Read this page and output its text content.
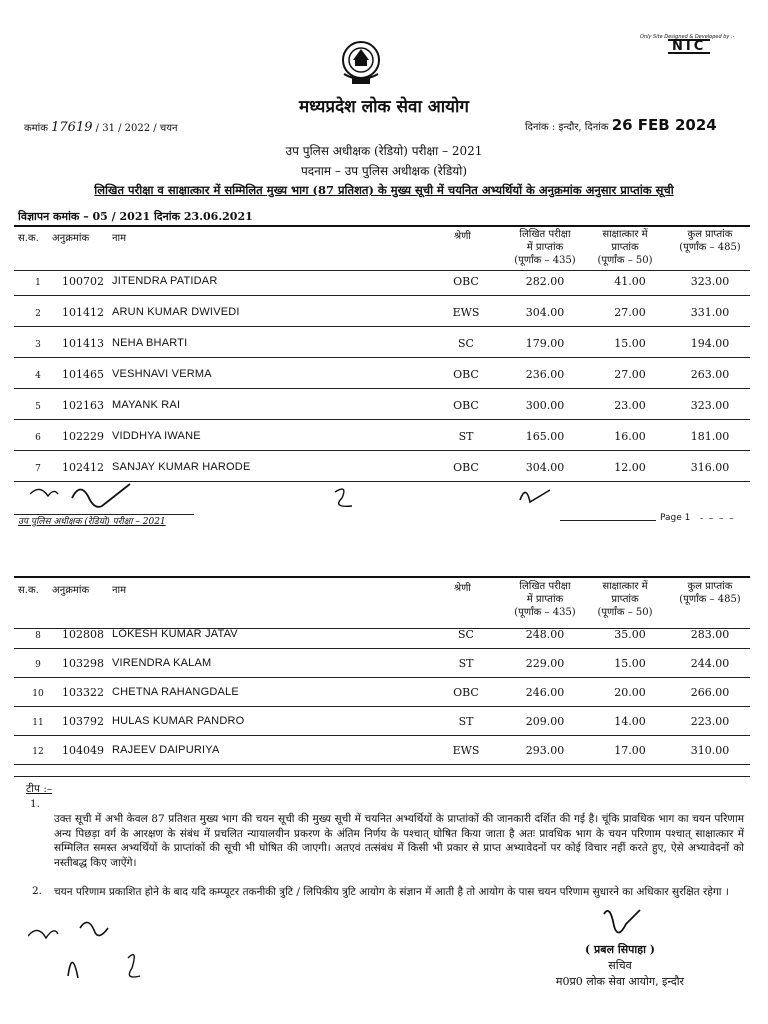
Only Site Designed & Developed by :-
NIC
मध्यप्रदेश लोक सेवा आयोग
कमांक 17619 / 31 / 2022 / चयन	दिनांक : इन्दौर, दिनांक 26 FEB 2024
उप पुलिस अधीक्षक (रेडियो) परीक्षा – 2021
पदनाम – उप पुलिस अधीक्षक (रेडियो)
लिखित परीक्षा व साक्षात्कार में सम्मिलित मुख्य भाग (87 प्रतिशत) के मुख्य सूची में चयनित अभ्यर्थियों के अनुक्रमांक अनुसार प्राप्तांक सूची
विज्ञापन कमांक – 05 / 2021 दिनांक 23.06.2021
स.क. अनुक्रमांक नाम	श्रेणी	लिखित परीक्षा
में प्राप्तांक
(पूर्णांक – 435)
साक्षात्कार में
प्राप्तांक
(पूर्णांक – 50)
कुल प्राप्तांक
(पूर्णांक – 485)
1	100702 JITENDRA PATIDAR	OBC	282.00	41.00	323.00
2	101412 ARUN KUMAR DWIVEDI	EWS	304.00	27.00	331.00
3	101413 NEHA BHARTI	SC	179.00	15.00	194.00
4	101465 VESHNAVI VERMA	OBC	236.00	27.00	263.00
5	102163 MAYANK RAI	OBC	300.00	23.00	323.00
6	102229 VIDDHYA IWANE	ST	165.00	16.00	181.00
7	102412 SANJAY KUMAR HARODE	OBC	304.00	12.00	316.00
उप पुलिस अधीक्षक (रेडियो) परीक्षा – 2021	Page 1 -  –  –  –
स.क. अनुक्रमांक नाम	श्रेणी	लिखित परीक्षा
में प्राप्तांक
(पूर्णांक – 435)
साक्षात्कार में
प्राप्तांक
(पूर्णांक – 50)
कुल प्राप्तांक
(पूर्णांक – 485)
8	102808 LOKESH KUMAR JATAV	SC	248.00	35.00	283.00
9	103298 VIRENDRA KALAM	ST	229.00	15.00	244.00
10 103322 CHETNA RAHANGDALE	OBC	246.00	20.00	266.00
11 103792 HULAS KUMAR PANDRO	ST	209.00	14.00	223.00
12 104049 RAJEEV DAIPURIYA	EWS	293.00	17.00	310.00
टीप :–
1.
उक्त सूची में अभी केवल 87 प्रतिशत मुख्य भाग की चयन सूची की मुख्य सूची में चयनित अभ्यर्थियों के प्राप्तांकों की जानकारी दर्शित की गई है। चूंकि प्रावधिक भाग का चयन परिणाम अन्य पिछड़ा वर्ग के आरक्षण के संबंध में प्रचलित न्यायालयीन प्रकरण के अंतिम निर्णय के पश्चात् घोषित किया जाता है अतः प्रावधिक भाग के चयन परिणाम पश्चात् साक्षात्कार में सम्मिलित समस्त अभ्यर्थियों के प्राप्तांकों की सूची भी घोषित की जाएगी। अतएवं तत्संबंध में किसी भी प्रकार से प्राप्त अभ्यावेदनों पर कोई विचार नहीं करते हुए, ऐसे अभ्यावेदनों को नस्तीबद्ध किए जाऐंगे।
2. चयन परिणाम प्रकाशित होने के बाद यदि कम्प्यूटर तकनीकी त्रुटि / लिपिकीय त्रुटि आयोग के संज्ञान में आती है तो आयोग के पास चयन परिणाम सुधारने का अधिकार सुरक्षित रहेगा ।
( प्रबल सिपाहा )
सचिव
म0प्र0 लोक सेवा आयोग, इन्दौर
